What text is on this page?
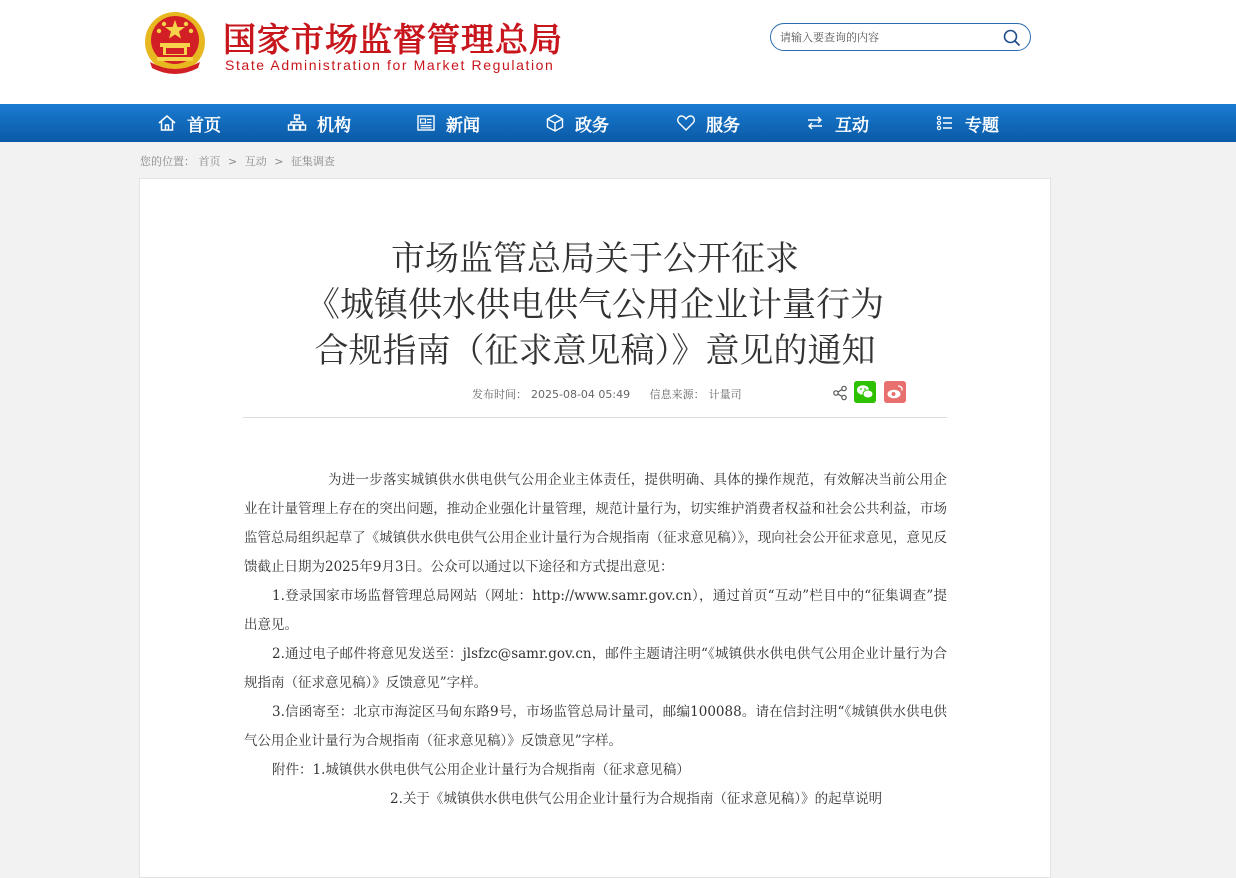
国家市场监督管理总局
State Administration for Market Regulation
请输入要查询的内容
首页	机构	新闻	政务	服务	互动	专题
您的位置： 首页 > 互动 > 征集调查
市场监管总局关于公开征求
《城镇供水供电供气公用企业计量行为
合规指南（征求意见稿）》意见的通知
发布时间： 2025-08-04 05:49 信息来源： 计量司

为进一步落实城镇供水供电供气公用企业主体责任，提供明确、具体的操作规范，有效解决当前公用企业在计量管理上存在的突出问题，推动企业强化计量管理，规范计量行为，切实维护消费者权益和社会公共利益，市场监管总局组织起草了《城镇供水供电供气公用企业计量行为合规指南（征求意见稿）》，现向社会公开征求意见，意见反馈截止日期为2025年9月3日。公众可以通过以下途径和方式提出意见：

1.登录国家市场监督管理总局网站（网址：http://www.samr.gov.cn），通过首页“互动”栏目中的“征集调查”提出意见。

2.通过电子邮件将意见发送至：jlsfzc@samr.gov.cn，邮件主题请注明“《城镇供水供电供气公用企业计量行为合规指南（征求意见稿）》反馈意见”字样。

3.信函寄至：北京市海淀区马甸东路9号，市场监管总局计量司，邮编100088。请在信封注明“《城镇供水供电供气公用企业计量行为合规指南（征求意见稿）》反馈意见”字样。

附件：1.城镇供水供电供气公用企业计量行为合规指南（征求意见稿）

2.关于《城镇供水供电供气公用企业计量行为合规指南（征求意见稿）》的起草说明
